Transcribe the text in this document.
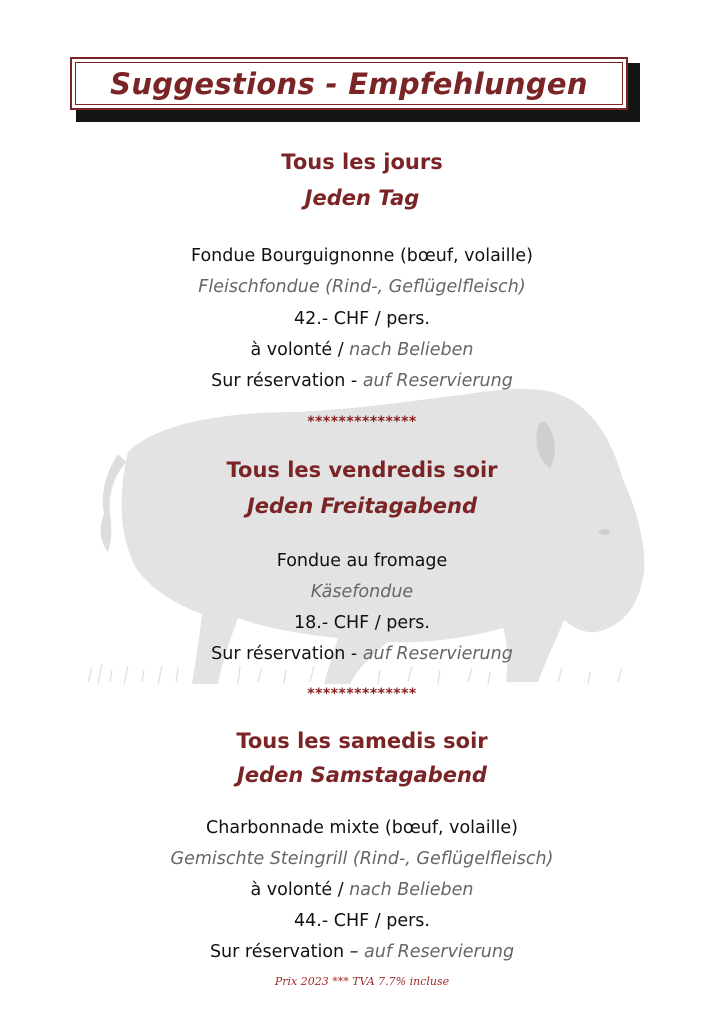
Suggestions - Empfehlungen
Tous les jours
Jeden Tag
Fondue Bourguignonne (bœuf, volaille)
Fleischfondue (Rind-, Geflügelfleisch)
42.- CHF / pers.
à volonté / nach Belieben
Sur réservation - auf Reservierung
**************
Tous les vendredis soir
Jeden Freitagabend
Fondue au fromage
Käsefondue
18.- CHF / pers.
Sur réservation - auf Reservierung
**************
Tous les samedis soir
Jeden Samstagabend
Charbonnade mixte (bœuf, volaille)
Gemischte Steingrill (Rind-, Geflügelfleisch)
à volonté / nach Belieben
44.- CHF / pers.
Sur réservation – auf Reservierung
Prix 2023 *** TVA 7.7% incluse
